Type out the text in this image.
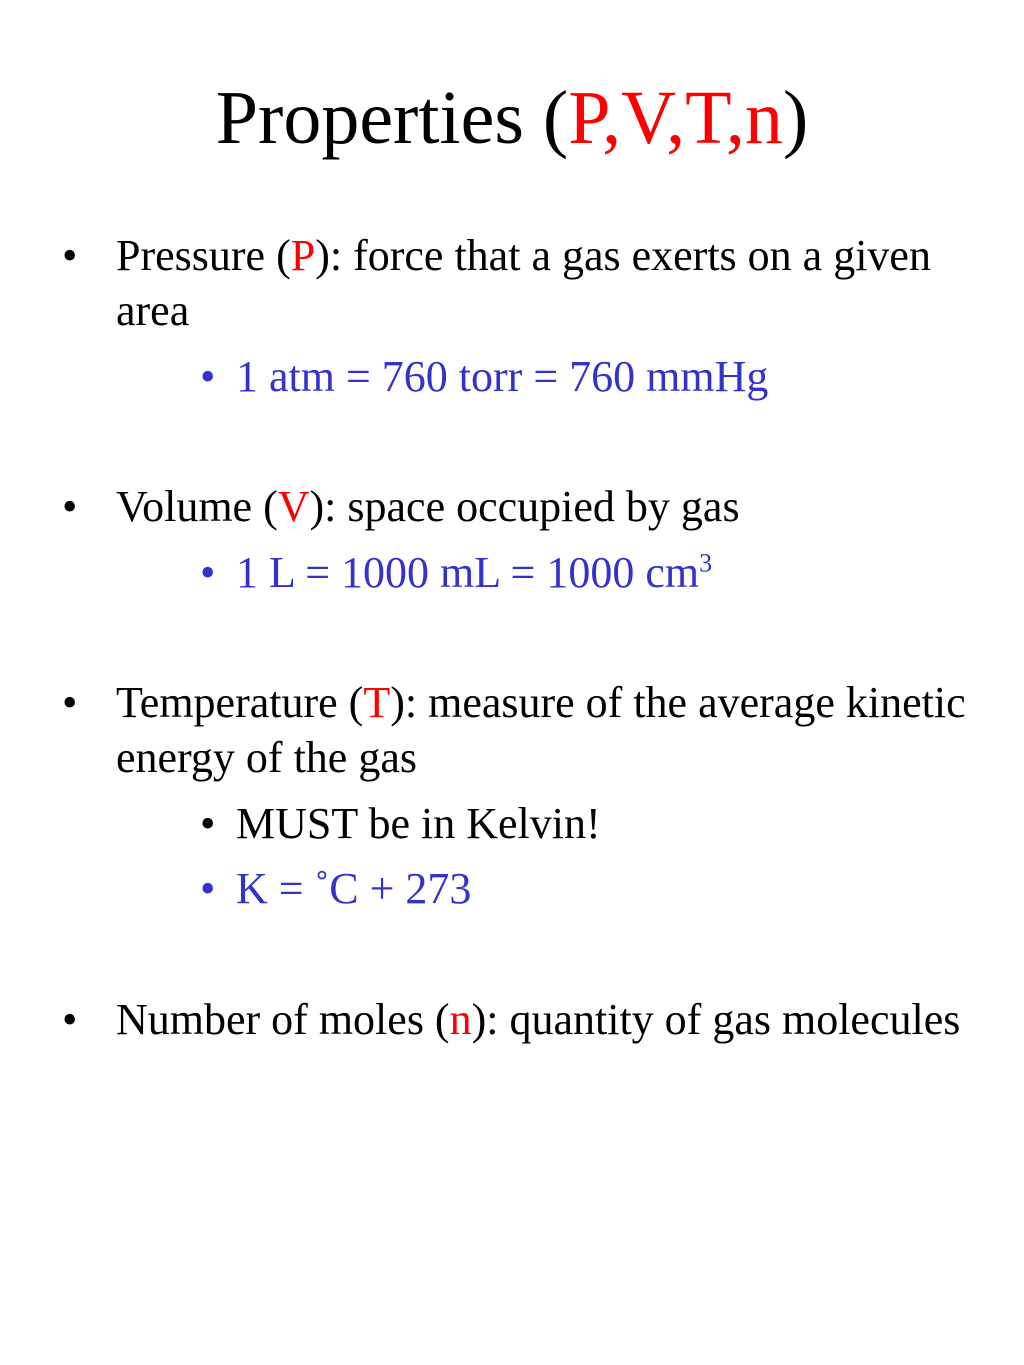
Properties (P,V,T,n)
• Pressure (P): force that a gas exerts on a given area
• 1 atm = 760 torr = 760 mmHg
• Volume (V): space occupied by gas
• 1 L = 1000 mL = 1000 $cm^3$
• Temperature (T): measure of the average kinetic energy of the gas
• MUST be in Kelvin!
• K = ˚C + 273
• Number of moles (n): quantity of gas molecules
